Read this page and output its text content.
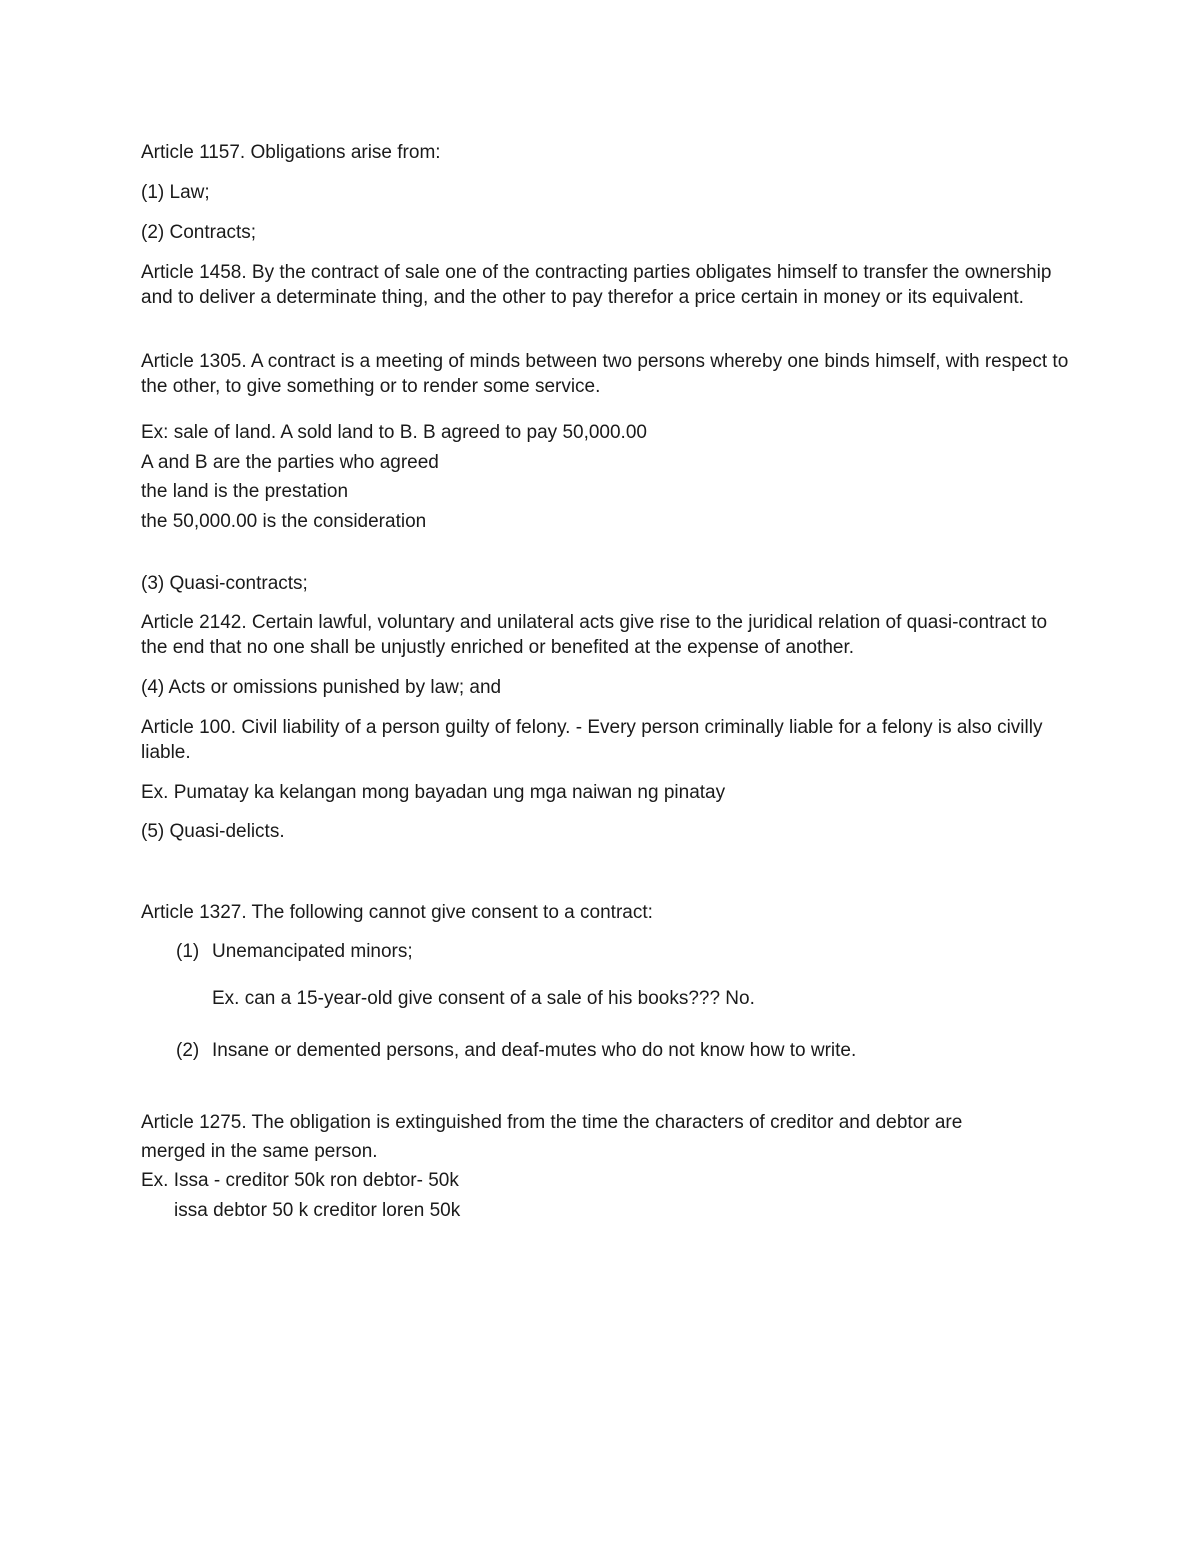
Article 1157. Obligations arise from:

(1) Law;

(2) Contracts;

Article 1458. By the contract of sale one of the contracting parties obligates himself to transfer the ownership and to deliver a determinate thing, and the other to pay therefor a price certain in money or its equivalent.

Article 1305. A contract is a meeting of minds between two persons whereby one binds himself, with respect to the other, to give something or to render some service.

Ex: sale of land. A sold land to B. B agreed to pay 50,000.00

A and B are the parties who agreed

the land is the prestation

the 50,000.00 is the consideration

(3) Quasi-contracts;

Article 2142. Certain lawful, voluntary and unilateral acts give rise to the juridical relation of quasi-contract to the end that no one shall be unjustly enriched or benefited at the expense of another.

(4) Acts or omissions punished by law; and

Article 100. Civil liability of a person guilty of felony. - Every person criminally liable for a felony is also civilly liable.

Ex. Pumatay ka kelangan mong bayadan ung mga naiwan ng pinatay

(5) Quasi-delicts.

Article 1327. The following cannot give consent to a contract:

(1) Unemancipated minors;

Ex. can a 15-year-old give consent of a sale of his books??? No.

(2) Insane or demented persons, and deaf-mutes who do not know how to write.

Article 1275. The obligation is extinguished from the time the characters of creditor and debtor are

merged in the same person.

Ex. Issa - creditor 50k ron debtor- 50k

issa debtor 50 k creditor loren 50k
